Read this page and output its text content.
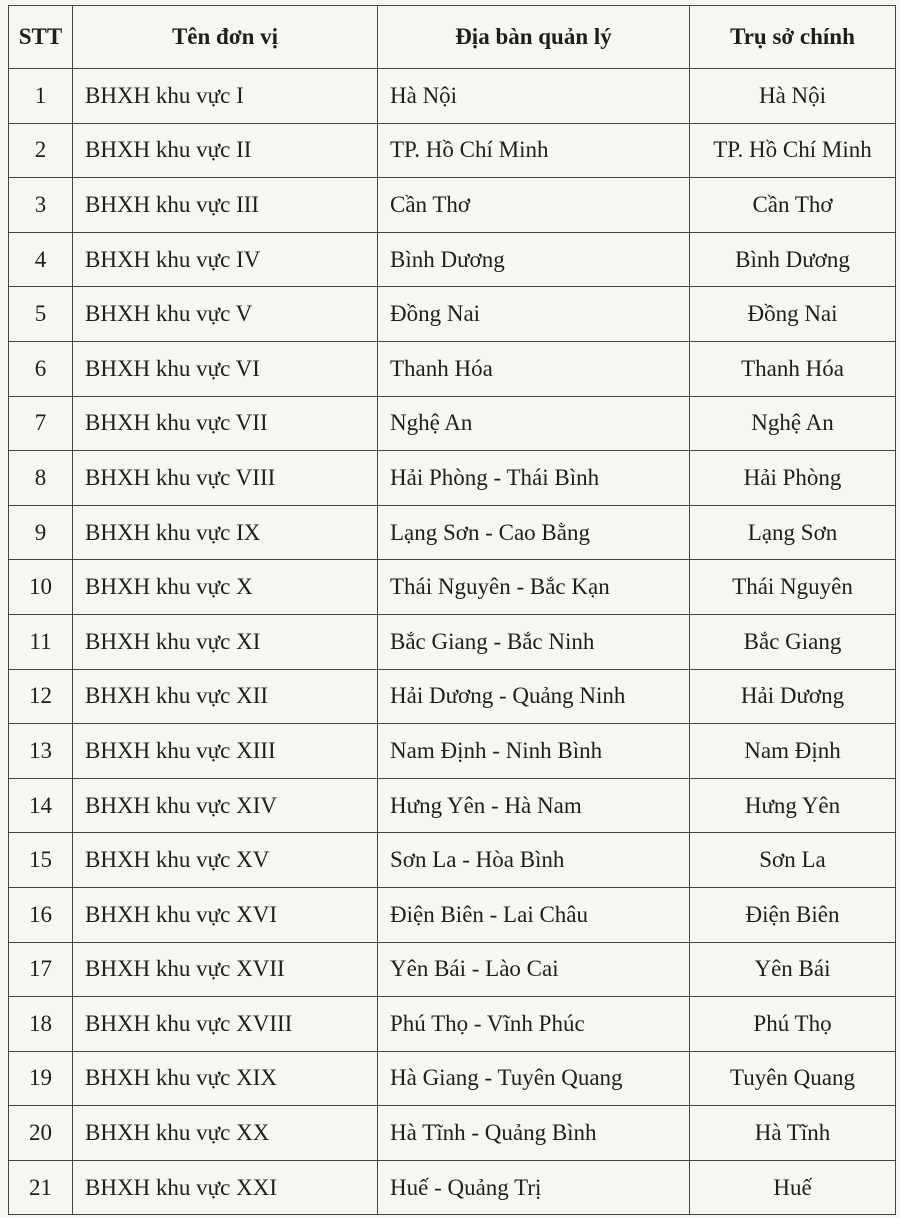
STT	Tên đơn vị	Địa bàn quản lý	Trụ sở chính
1	BHXH khu vực I	Hà Nội	Hà Nội
2	BHXH khu vực II	TP. Hồ Chí Minh	TP. Hồ Chí Minh
3	BHXH khu vực III	Cần Thơ	Cần Thơ
4	BHXH khu vực IV	Bình Dương	Bình Dương
5	BHXH khu vực V	Đồng Nai	Đồng Nai
6	BHXH khu vực VI	Thanh Hóa	Thanh Hóa
7	BHXH khu vực VII	Nghệ An	Nghệ An
8	BHXH khu vực VIII	Hải Phòng - Thái Bình	Hải Phòng
9	BHXH khu vực IX	Lạng Sơn - Cao Bằng	Lạng Sơn
10	BHXH khu vực X	Thái Nguyên - Bắc Kạn	Thái Nguyên
11	BHXH khu vực XI	Bắc Giang - Bắc Ninh	Bắc Giang
12	BHXH khu vực XII	Hải Dương - Quảng Ninh	Hải Dương
13	BHXH khu vực XIII	Nam Định - Ninh Bình	Nam Định
14	BHXH khu vực XIV	Hưng Yên - Hà Nam	Hưng Yên
15	BHXH khu vực XV	Sơn La - Hòa Bình	Sơn La
16	BHXH khu vực XVI	Điện Biên - Lai Châu	Điện Biên
17	BHXH khu vực XVII	Yên Bái - Lào Cai	Yên Bái
18	BHXH khu vực XVIII	Phú Thọ - Vĩnh Phúc	Phú Thọ
19	BHXH khu vực XIX	Hà Giang - Tuyên Quang	Tuyên Quang
20	BHXH khu vực XX	Hà Tĩnh - Quảng Bình	Hà Tĩnh
21	BHXH khu vực XXI	Huế - Quảng Trị	Huế
